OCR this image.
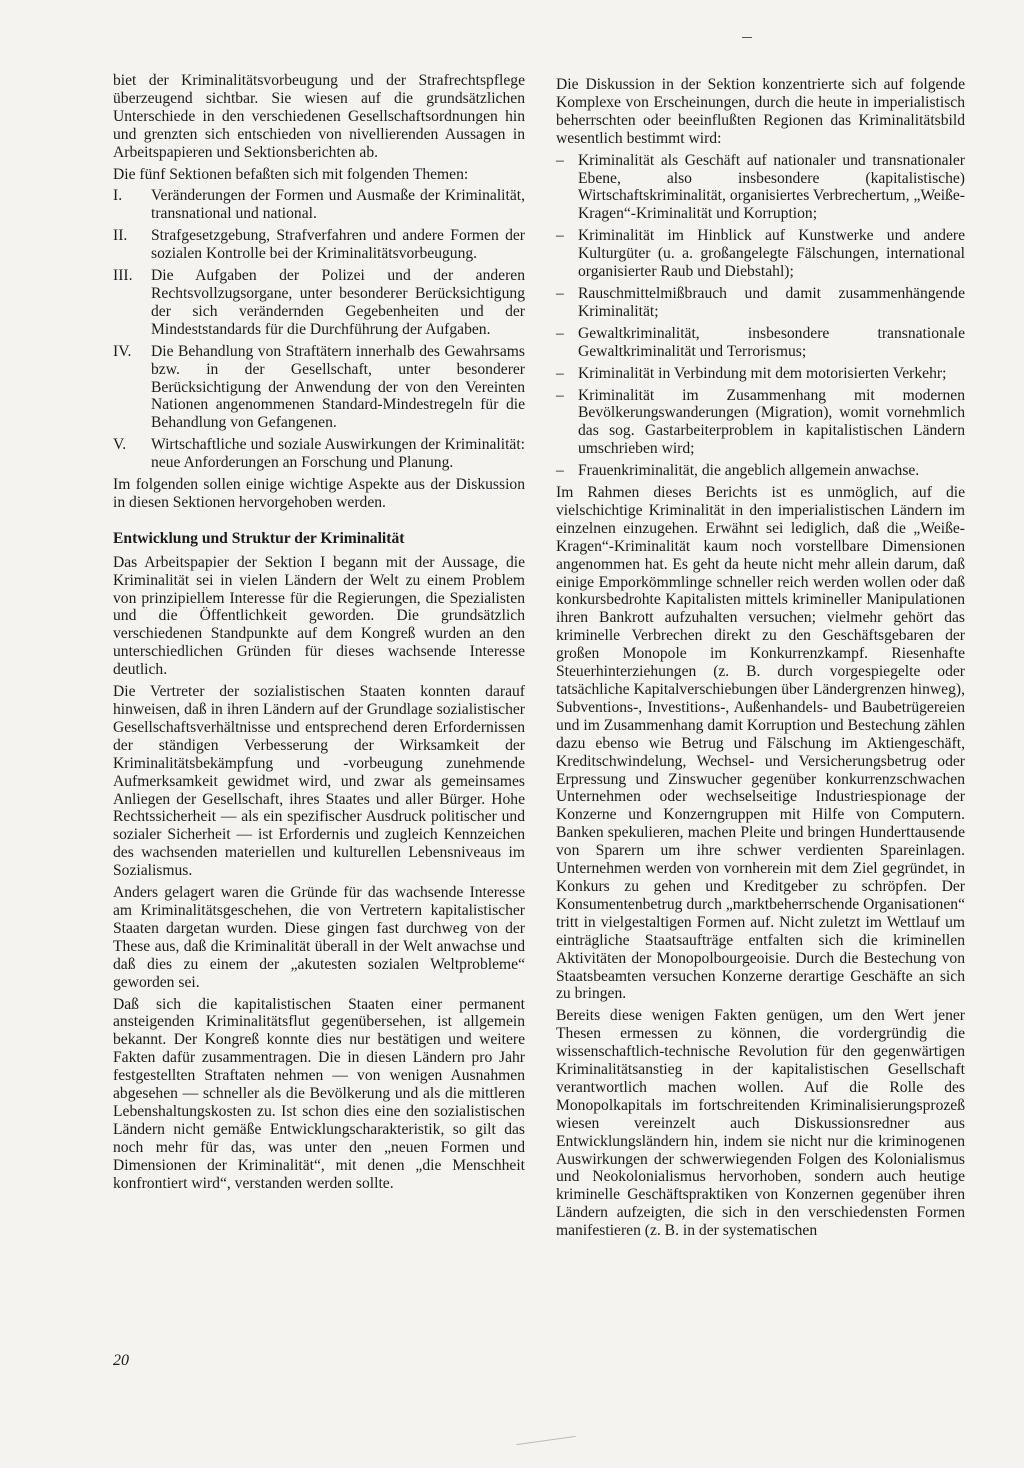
biet der Kriminalitätsvorbeugung und der Strafrechtspflege überzeugend sichtbar. Sie wiesen auf die grundsätzlichen Unterschiede in den verschiedenen Gesellschaftsordnungen hin und grenzten sich entschieden von nivellierenden Aussagen in Arbeitspapieren und Sektionsberichten ab.

Die fünf Sektionen befaßten sich mit folgenden Themen:

I.	Veränderungen der Formen und Ausmaße der Kriminalität, transnational und national.
II.	Strafgesetzgebung, Strafverfahren und andere Formen der sozialen Kontrolle bei der Kriminalitätsvorbeugung.
III.	Die Aufgaben der Polizei und der anderen Rechtsvollzugsorgane, unter besonderer Berücksichtigung der sich verändernden Gegebenheiten und der Mindeststandards für die Durchführung der Aufgaben.
IV.	Die Behandlung von Straftätern innerhalb des Gewahrsams bzw. in der Gesellschaft, unter besonderer Berücksichtigung der Anwendung der von den Vereinten Nationen angenommenen Standard-Mindestregeln für die Behandlung von Gefangenen.
V.	Wirtschaftliche und soziale Auswirkungen der Kriminalität: neue Anforderungen an Forschung und Planung.

Im folgenden sollen einige wichtige Aspekte aus der Diskussion in diesen Sektionen hervorgehoben werden.

Entwicklung und Struktur der Kriminalität

Das Arbeitspapier der Sektion I begann mit der Aussage, die Kriminalität sei in vielen Ländern der Welt zu einem Problem von prinzipiellem Interesse für die Regierungen, die Spezialisten und die Öffentlichkeit geworden. Die grundsätzlich verschiedenen Standpunkte auf dem Kongreß wurden an den unterschiedlichen Gründen für dieses wachsende Interesse deutlich.

Die Vertreter der sozialistischen Staaten konnten darauf hinweisen, daß in ihren Ländern auf der Grundlage sozialistischer Gesellschaftsverhältnisse und entsprechend deren Erfordernissen der ständigen Verbesserung der Wirksamkeit der Kriminalitätsbekämpfung und -vorbeugung zunehmende Aufmerksamkeit gewidmet wird, und zwar als gemeinsames Anliegen der Gesellschaft, ihres Staates und aller Bürger. Hohe Rechtssicherheit — als ein spezifischer Ausdruck politischer und sozialer Sicherheit — ist Erfordernis und zugleich Kennzeichen des wachsenden materiellen und kulturellen Lebensniveaus im Sozialismus.

Anders gelagert waren die Gründe für das wachsende Interesse am Kriminalitätsgeschehen, die von Vertretern kapitalistischer Staaten dargetan wurden. Diese gingen fast durchweg von der These aus, daß die Kriminalität überall in der Welt anwachse und daß dies zu einem der „akutesten sozialen Weltprobleme“ geworden sei.

Daß sich die kapitalistischen Staaten einer permanent ansteigenden Kriminalitätsflut gegenübersehen, ist allgemein bekannt. Der Kongreß konnte dies nur bestätigen und weitere Fakten dafür zusammentragen. Die in diesen Ländern pro Jahr festgestellten Straftaten nehmen — von wenigen Ausnahmen abgesehen — schneller als die Bevölkerung und als die mittleren Lebenshaltungskosten zu. Ist schon dies eine den sozialistischen Ländern nicht gemäße Entwicklungscharakteristik, so gilt das noch mehr für das, was unter den „neuen Formen und Dimensionen der Kriminalität“, mit denen „die Menschheit konfrontiert wird“, verstanden werden sollte.

Die Diskussion in der Sektion konzentrierte sich auf folgende Komplexe von Erscheinungen, durch die heute in imperialistisch beherrschten oder beeinflußten Regionen das Kriminalitätsbild wesentlich bestimmt wird:

– Kriminalität als Geschäft auf nationaler und transnationaler Ebene, also insbesondere (kapitalistische) Wirtschaftskriminalität, organisiertes Verbrechertum, „Weiße-Kragen“-Kriminalität und Korruption;
– Kriminalität im Hinblick auf Kunstwerke und andere Kulturgüter (u. a. großangelegte Fälschungen, international organisierter Raub und Diebstahl);
– Rauschmittelmißbrauch und damit zusammenhängende Kriminalität;
– Gewaltkriminalität, insbesondere transnationale Gewaltkriminalität und Terrorismus;
– Kriminalität in Verbindung mit dem motorisierten Verkehr;
– Kriminalität im Zusammenhang mit modernen Bevölkerungswanderungen (Migration), womit vornehmlich das sog. Gastarbeiterproblem in kapitalistischen Ländern umschrieben wird;
– Frauenkriminalität, die angeblich allgemein anwachse.

Im Rahmen dieses Berichts ist es unmöglich, auf die vielschichtige Kriminalität in den imperialistischen Ländern im einzelnen einzugehen. Erwähnt sei lediglich, daß die „Weiße-Kragen“-Kriminalität kaum noch vorstellbare Dimensionen angenommen hat. Es geht da heute nicht mehr allein darum, daß einige Emporkömmlinge schneller reich werden wollen oder daß konkursbedrohte Kapitalisten mittels krimineller Manipulationen ihren Bankrott aufzuhalten versuchen; vielmehr gehört das kriminelle Verbrechen direkt zu den Geschäftsgebaren der großen Monopole im Konkurrenzkampf. Riesenhafte Steuerhinterziehungen (z. B. durch vorgespiegelte oder tatsächliche Kapitalverschiebungen über Ländergrenzen hinweg), Subventions-, Investitions-, Außenhandels- und Baubetrügereien und im Zusammenhang damit Korruption und Bestechung zählen dazu ebenso wie Betrug und Fälschung im Aktiengeschäft, Kreditschwindelung, Wechsel- und Versicherungsbetrug oder Erpressung und Zinswucher gegenüber konkurrenzschwachen Unternehmen oder wechselseitige Industriespionage der Konzerne und Konzerngruppen mit Hilfe von Computern. Banken spekulieren, machen Pleite und bringen Hunderttausende von Sparern um ihre schwer verdienten Spareinlagen. Unternehmen werden von vornherein mit dem Ziel gegründet, in Konkurs zu gehen und Kreditgeber zu schröpfen. Der Konsumentenbetrug durch „marktbeherrschende Organisationen“ tritt in vielgestaltigen Formen auf. Nicht zuletzt im Wettlauf um einträgliche Staatsaufträge entfalten sich die kriminellen Aktivitäten der Monopolbourgeoisie. Durch die Bestechung von Staatsbeamten versuchen Konzerne derartige Geschäfte an sich zu bringen.

Bereits diese wenigen Fakten genügen, um den Wert jener Thesen ermessen zu können, die vordergründig die wissenschaftlich-technische Revolution für den gegenwärtigen Kriminalitätsanstieg in der kapitalistischen Gesellschaft verantwortlich machen wollen. Auf die Rolle des Monopolkapitals im fortschreitenden Kriminalisierungsprozeß wiesen vereinzelt auch Diskussionsredner aus Entwicklungsländern hin, indem sie nicht nur die kriminogenen Auswirkungen der schwerwiegenden Folgen des Kolonialismus und Neokolonialismus hervorhoben, sondern auch heutige kriminelle Geschäftspraktiken von Konzernen gegenüber ihren Ländern aufzeigten, die sich in den verschiedensten Formen manifestieren (z. B. in der systematischen

20
